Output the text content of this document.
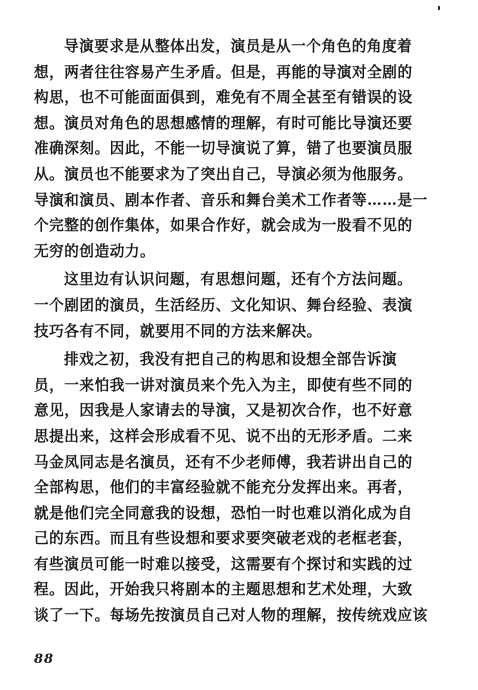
导演要求是从整体出发，演员是从一个角色的角度着
想，两者往往容易产生矛盾。但是，再能的导演对全剧的
构思，也不可能面面俱到，难免有不周全甚至有错误的设
想。演员对角色的思想感情的理解，有时可能比导演还要
准确深刻。因此，不能一切导演说了算，错了也要演员服
从。演员也不能要求为了突出自己，导演必须为他服务。
导演和演员、剧本作者、音乐和舞台美术工作者等……是一
个完整的创作集体，如果合作好，就会成为一股看不见的
无穷的创造动力。
这里边有认识问题，有思想问题，还有个方法问题。
一个剧团的演员，生活经历、文化知识、舞台经验、表演
技巧各有不同，就要用不同的方法来解决。
排戏之初，我没有把自己的构思和设想全部告诉演
员，一来怕我一讲对演员来个先入为主，即使有些不同的
意见，因我是人家请去的导演，又是初次合作，也不好意
思提出来，这样会形成看不见、说不出的无形矛盾。二来
马金凤同志是名演员，还有不少老师傅，我若讲出自己的
全部构思，他们的丰富经验就不能充分发挥出来。再者，
就是他们完全同意我的设想，恐怕一时也难以消化成为自
己的东西。而且有些设想和要求要突破老戏的老框老套，
有些演员可能一时难以接受，这需要有个探讨和实践的过
程。因此，开始我只将剧本的主题思想和艺术处理，大致
谈了一下。每场先按演员自己对人物的理解，按传统戏应该
88
